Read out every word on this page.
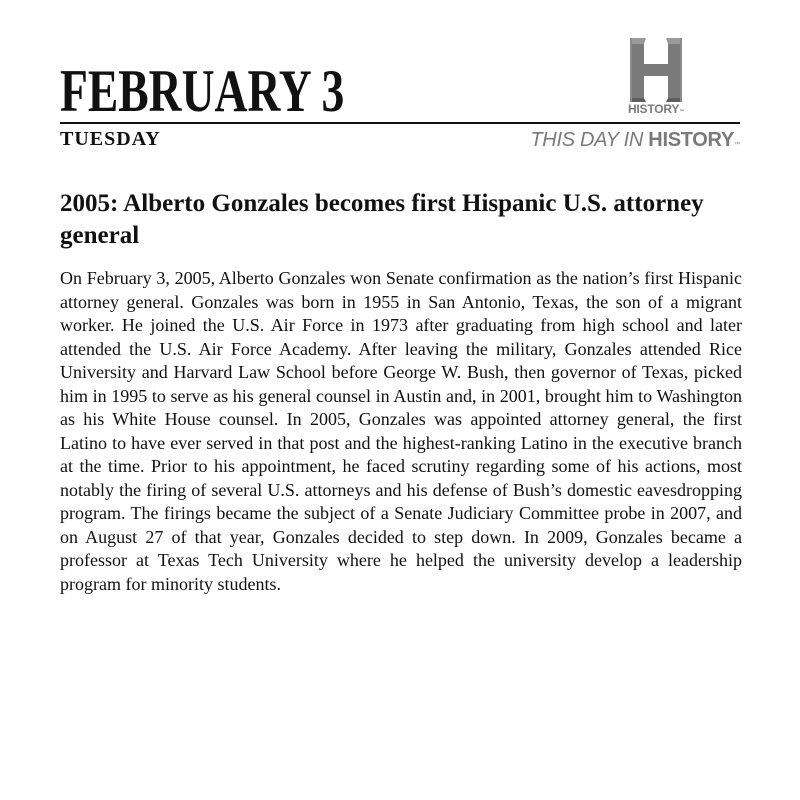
FEBRUARY 3	HISTORY™
TUESDAY	THIS DAY IN HISTORY™
2005: Alberto Gonzales becomes first Hispanic U.S. attorney general

On February 3, 2005, Alberto Gonzales won Senate confirmation as the nation’s first Hispanic attorney general. Gonzales was born in 1955 in San Antonio, Texas, the son of a migrant worker. He joined the U.S. Air Force in 1973 after graduating from high school and later attended the U.S. Air Force Academy. After leaving the military, Gonzales attended Rice University and Harvard Law School before George W. Bush, then governor of Texas, picked him in 1995 to serve as his general counsel in Austin and, in 2001, brought him to Washington as his White House counsel. In 2005, Gonzales was appointed attorney general, the first Latino to have ever served in that post and the highest-ranking Latino in the executive branch at the time. Prior to his appointment, he faced scrutiny regarding some of his actions, most notably the firing of several U.S. attorneys and his defense of Bush’s domestic eavesdropping program. The firings became the subject of a Senate Judiciary Committee probe in 2007, and on August 27 of that year, Gonzales decided to step down. In 2009, Gonzales became a professor at Texas Tech University where he helped the university develop a leadership program for minority students.
